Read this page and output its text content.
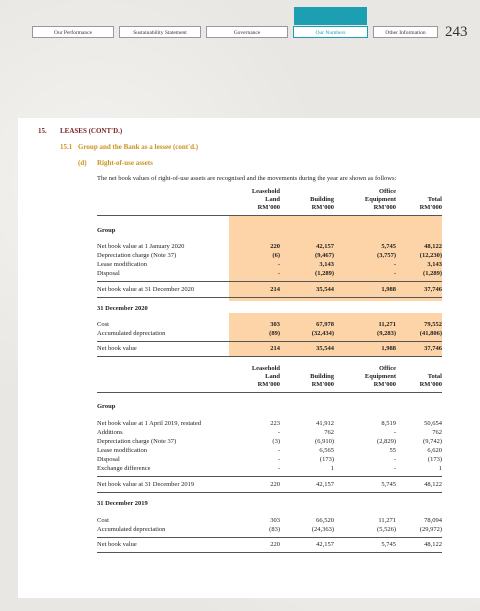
Our Performance	Sustainability Statement	Governance	Our Numbers	Other Information	243
15. LEASES (CONT'D.)
15.1 Group and the Bank as a lessee (cont'd.)
(d) Right-of-use assets
The net book values of right-of-use assets are recognised and the movements during the year are shown as follows:
Leasehold
Land
RM'000
Building
RM'000
Office
Equipment
RM'000
Total
RM'000
Group
Net book value at 1 January 2020	220	42,157	5,745	48,122
Depreciation charge (Note 37)	(6)	(9,467)	(3,757)	(12,230)
Lease modification	-	3,143	-	3,143
Disposal	-	(1,289)	-	(1,289)
Net book value at 31 December 2020	214	35,544	1,988	37,746
31 December 2020
Cost	303	67,978	11,271	79,552
Accumulated depreciation	(89)	(32,434)	(9,283)	(41,806)
Net book value	214	35,544	1,988	37,746
Leasehold
Land
RM'000
Building
RM'000
Office
Equipment
RM'000
Total
RM'000
Group
Net book value at 1 April 2019, restated	223	41,912	8,519	50,654
Additions	-	762	-	762
Depreciation charge (Note 37)	(3)	(6,910)	(2,829)	(9,742)
Lease modification	-	6,565	55	6,620
Disposal	-	(173)	-	(173)
Exchange difference	-	1	-	1
Net book value at 31 December 2019	220	42,157	5,745	48,122
31 December 2019
Cost	303	66,520	11,271	78,094
Accumulated depreciation	(83)	(24,363)	(5,526)	(29,972)
Net book value	220	42,157	5,745	48,122
